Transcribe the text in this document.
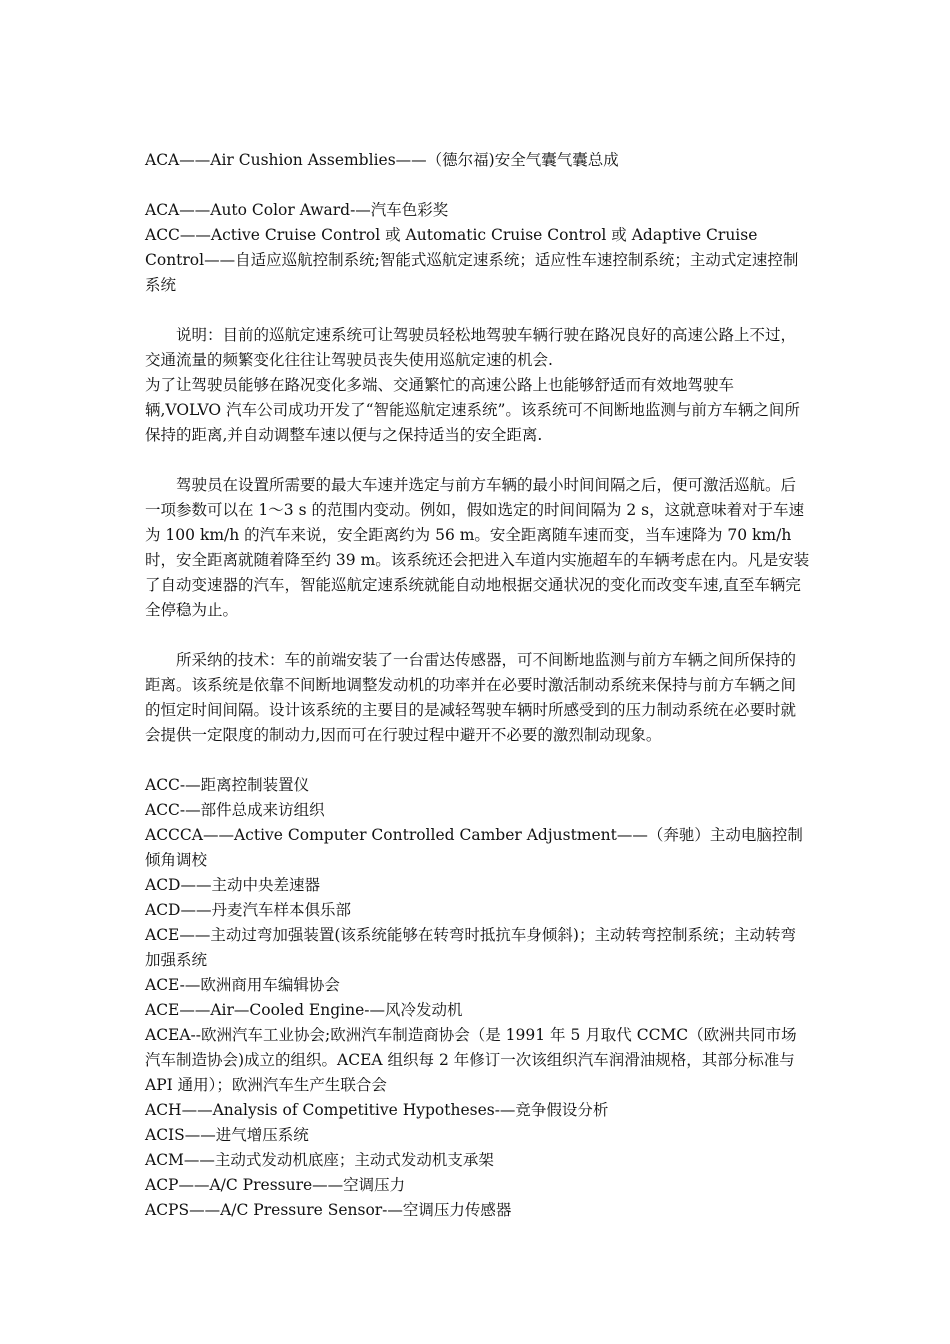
ACA——Air Cushion Assemblies——（德尔福)安全气囊气囊总成

ACA——Auto Color Award-—汽车色彩奖

ACC——Active Cruise Control 或 Automatic Cruise Control 或 Adaptive Cruise Control——自适应巡航控制系统;智能式巡航定速系统；适应性车速控制系统；主动式定速控制系统

说明：目前的巡航定速系统可让驾驶员轻松地驾驶车辆行驶在路况良好的高速公路上不过，交通流量的频繁变化往往让驾驶员丧失使用巡航定速的机会.

为了让驾驶员能够在路况变化多端、交通繁忙的高速公路上也能够舒适而有效地驾驶车辆,VOLVO 汽车公司成功开发了“智能巡航定速系统”。该系统可不间断地监测与前方车辆之间所保持的距离,并自动调整车速以便与之保持适当的安全距离.

驾驶员在设置所需要的最大车速并选定与前方车辆的最小时间间隔之后，便可激活巡航。后一项参数可以在 1～3 s 的范围内变动。例如，假如选定的时间间隔为 2 s，这就意味着对于车速为 100 km/h 的汽车来说，安全距离约为 56 m。安全距离随车速而变，当车速降为 70 km/h 时，安全距离就随着降至约 39 m。该系统还会把进入车道内实施超车的车辆考虑在内。凡是安装了自动变速器的汽车，智能巡航定速系统就能自动地根据交通状况的变化而改变车速,直至车辆完全停稳为止。

所采纳的技术：车的前端安装了一台雷达传感器，可不间断地监测与前方车辆之间所保持的距离。该系统是依靠不间断地调整发动机的功率并在必要时激活制动系统来保持与前方车辆之间的恒定时间间隔。设计该系统的主要目的是减轻驾驶车辆时所感受到的压力制动系统在必要时就会提供一定限度的制动力,因而可在行驶过程中避开不必要的激烈制动现象。

ACC-—距离控制装置仪

ACC-—部件总成来访组织

ACCCA——Active Computer Controlled Camber Adjustment——（奔驰）主动电脑控制倾角调校

ACD——主动中央差速器

ACD——丹麦汽车样本俱乐部

ACE——主动过弯加强装置(该系统能够在转弯时抵抗车身倾斜)；主动转弯控制系统；主动转弯加强系统

ACE-—欧洲商用车编辑协会

ACE——Air—Cooled Engine-—风冷发动机

ACEA--欧洲汽车工业协会;欧洲汽车制造商协会（是 1991 年 5 月取代 CCMC（欧洲共同市场汽车制造协会)成立的组织。ACEA 组织每 2 年修订一次该组织汽车润滑油规格，其部分标准与 API 通用）；欧洲汽车生产生联合会

ACH——Analysis of Competitive Hypotheses-—竞争假设分析

ACIS——进气增压系统

ACM——主动式发动机底座；主动式发动机支承架

ACP——A/C Pressure——空调压力

ACPS——A/C Pressure Sensor-—空调压力传感器
